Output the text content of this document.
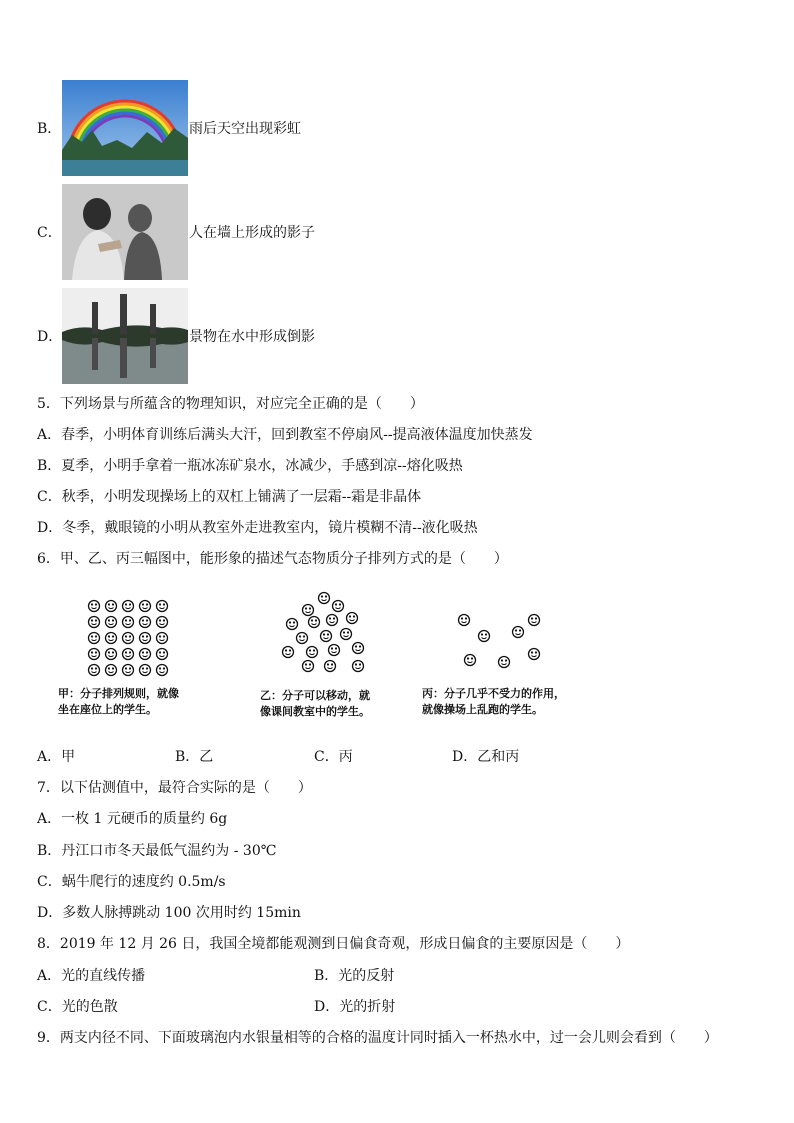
B．	雨后天空出现彩虹
C．	人在墙上形成的影子
D．	景物在水中形成倒影
5．下列场景与所蕴含的物理知识，对应完全正确的是（　　）
A．春季，小明体育训练后满头大汗，回到教室不停扇风--提高液体温度加快蒸发
B．夏季，小明手拿着一瓶冰冻矿泉水，冰减少，手感到凉--熔化吸热
C．秋季，小明发现操场上的双杠上铺满了一层霜--霜是非晶体
D．冬季，戴眼镜的小明从教室外走进教室内，镜片模糊不清--液化吸热
6．甲、乙、丙三幅图中，能形象的描述气态物质分子排列方式的是（　　）
甲：分子排列规则，就像
坐在座位上的学生。
乙：分子可以移动，就
像课间教室中的学生。
丙：分子几乎不受力的作用，
就像操场上乱跑的学生。
A．甲	B．乙	C．丙	D．乙和丙
7．以下估测值中，最符合实际的是（　　）
A．一枚 1 元硬币的质量约 6g
B．丹江口市冬天最低气温约为 - 30℃
C．蜗牛爬行的速度约 0.5m/s
D．多数人脉搏跳动 100 次用时约 15min
8．2019 年 12 月 26 日，我国全境都能观测到日偏食奇观，形成日偏食的主要原因是（　　）
A．光的直线传播	B．光的反射
C．光的色散	D．光的折射
9．两支内径不同、下面玻璃泡内水银量相等的合格的温度计同时插入一杯热水中，过一会儿则会看到（　　）
